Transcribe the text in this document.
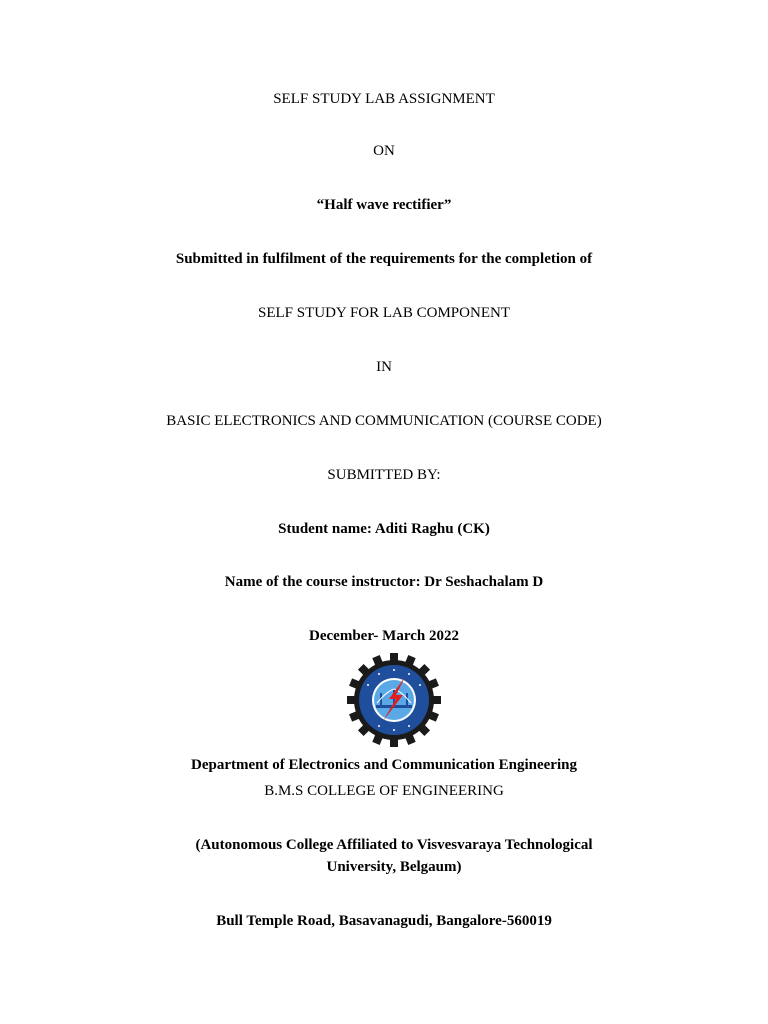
SELF STUDY LAB ASSIGNMENT
ON
“Half wave rectifier”
Submitted in fulfilment of the requirements for the completion of
SELF STUDY FOR LAB COMPONENT
IN
BASIC ELECTRONICS AND COMMUNICATION (COURSE CODE)
SUBMITTED BY:
Student name: Aditi Raghu (CK)
Name of the course instructor: Dr Seshachalam D
December- March 2022
Department of Electronics and Communication Engineering
B.M.S COLLEGE OF ENGINEERING
(Autonomous College Affiliated to Visvesvaraya Technological University, Belgaum)
Bull Temple Road, Basavanagudi, Bangalore-560019
